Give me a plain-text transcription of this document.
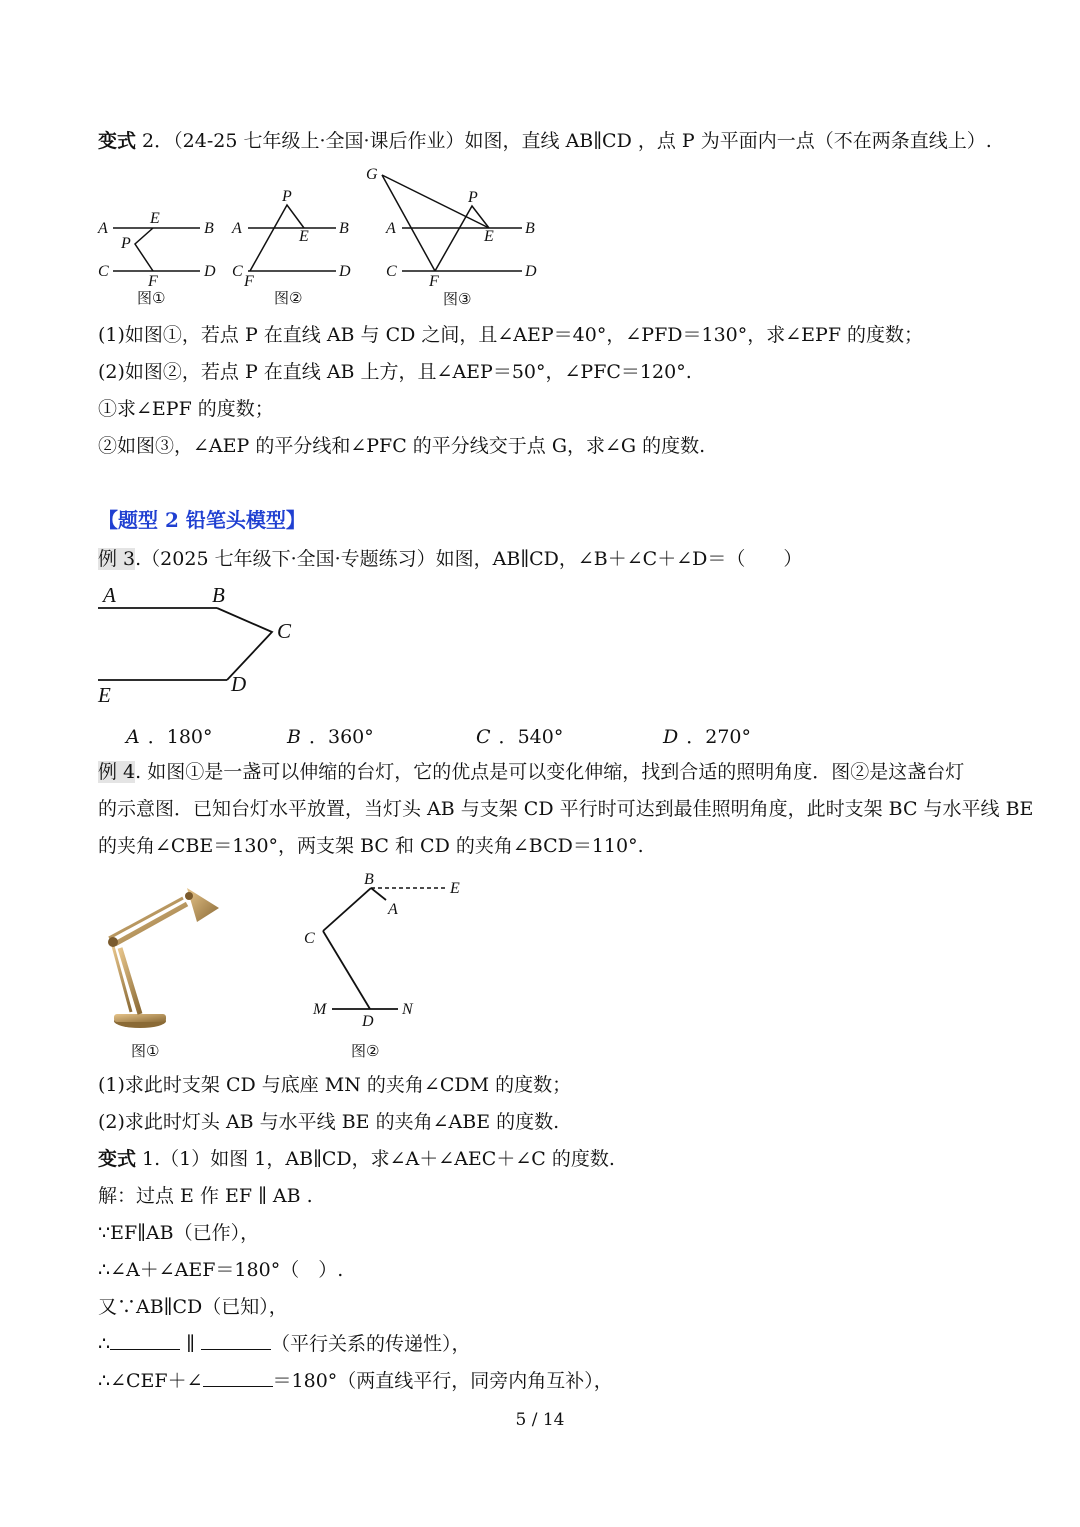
变式 2．（24-25 七年级上·全国·课后作业）如图，直线 AB∥CD ，点 P 为平面内一点（不在两条直线上）.
A
E
B
P
C
F
D
图①
P
A	E B
C
F
D
图②
G
P
A	E B
C
F
D
图③
(1)如图①，若点 P 在直线 AB 与 CD 之间，且∠AEP＝40°，∠PFD＝130°，求∠EPF 的度数；
(2)如图②，若点 P 在直线 AB 上方，且∠AEP＝50°，∠PFC＝120°.
①求∠EPF 的度数；
②如图③，∠AEP 的平分线和∠PFC 的平分线交于点 G，求∠G 的度数.
【题型 2 铅笔头模型】
例 3.（2025 七年级下·全国·专题练习）如图，AB∥CD，∠B＋∠C＋∠D＝（　　）
A	B
C
E	D
A ．180°	B ．360°	C ．540°	D ．270°
例 4. 如图①是一盏可以伸缩的台灯，它的优点是可以变化伸缩，找到合适的照明角度．图②是这盏台灯
的示意图．已知台灯水平放置，当灯头 AB 与支架 CD 平行时可达到最佳照明角度，此时支架 BC 与水平线 BE
的夹角∠CBE＝130°，两支架 BC 和 CD 的夹角∠BCD＝110°.
图①
B
E
A
C
M	N
D
图②
(1)求此时支架 CD 与底座 MN 的夹角∠CDM 的度数；
(2)求此时灯头 AB 与水平线 BE 的夹角∠ABE 的度数.
变式 1.（1）如图 1，AB∥CD，求∠A＋∠AEC＋∠C 的度数.
解：过点 E 作 EF ∥ AB .
∵EF∥AB（已作），
∴∠A＋∠AEF＝180°（　）.
又∵AB∥CD（已知），
∴	∥	（平行关系的传递性），
∴∠CEF＋∠	＝180°（两直线平行，同旁内角互补），
5 / 14
